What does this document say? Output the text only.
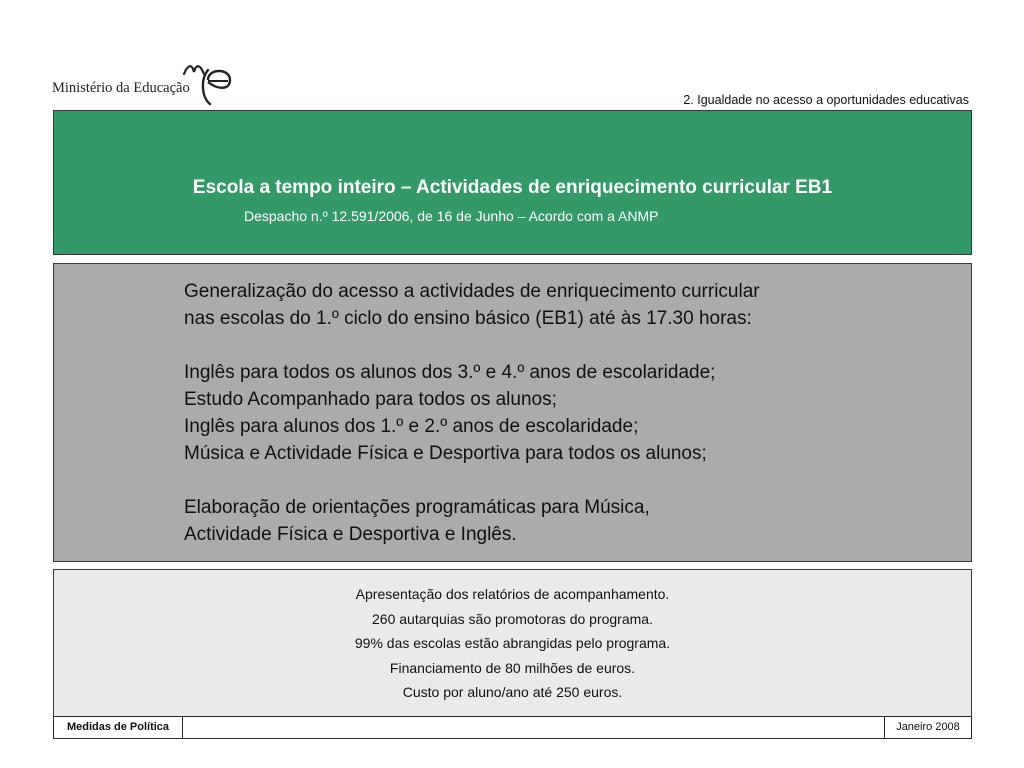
Ministério da Educação
2. Igualdade no acesso a oportunidades educativas
Escola a tempo inteiro – Actividades de enriquecimento curricular EB1
Despacho n.º 12.591/2006, de 16 de Junho – Acordo com a ANMP
Generalização do acesso a actividades de enriquecimento curricular
nas escolas do 1.º ciclo do ensino básico (EB1) até às 17.30 horas:
Inglês para todos os alunos dos 3.º e 4.º anos de escolaridade;
Estudo Acompanhado para todos os alunos;
Inglês para alunos dos 1.º e 2.º anos de escolaridade;
Música e Actividade Física e Desportiva para todos os alunos;
Elaboração de orientações programáticas para Música,
Actividade Física e Desportiva e Inglês.
Apresentação dos relatórios de acompanhamento.
260 autarquias são promotoras do programa.
99% das escolas estão abrangidas pelo programa.
Financiamento de 80 milhões de euros.
Custo por aluno/ano até 250 euros.
Medidas de Política	Janeiro 2008
